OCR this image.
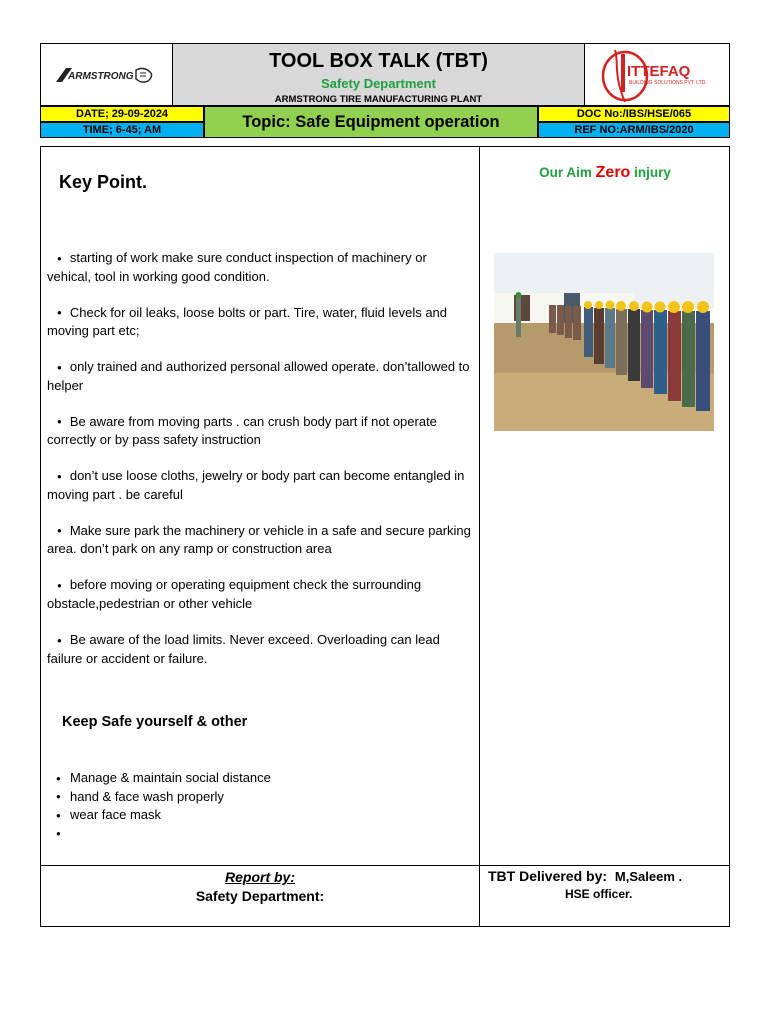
ARMSTRONG
TOOL BOX TALK (TBT)
Safety Department
ARMSTRONG TIRE MANUFACTURING PLANT
ITTEFAQ
BUILDING SOLUTIONS PVT. LTD.
DATE; 29-09-2024
TIME; 6-45; AM	Topic: Safe Equipment operation	DOC No:/IBS/HSE/065
REF NO:ARM/IBS/2020
Key Point.
● starting of work make sure conduct inspection of machinery or vehical, tool in working good condition.
● Check for oil leaks, loose bolts or part. Tire, water, fluid levels and moving part etc;
● only trained and authorized personal allowed operate. don’tallowed to helper
● Be aware from moving parts . can crush body part if not operate correctly or by pass safety instruction
● don’t use loose cloths, jewelry or body part can become entangled in moving part . be careful
● Make sure park the machinery or vehicle in a safe and secure parking area. don’t park on any ramp or construction area
● before moving or operating equipment check the surrounding obstacle,pedestrian or other vehicle
● Be aware of the load limits. Never exceed. Overloading can lead failure or accident or failure.
Keep Safe yourself & other
● Manage & maintain social distance
● hand & face wash properly
● wear face mask
●
Our Aim Zero injury
Report by:
Safety Department:
TBT Delivered by: M,Saleem .
HSE officer.
